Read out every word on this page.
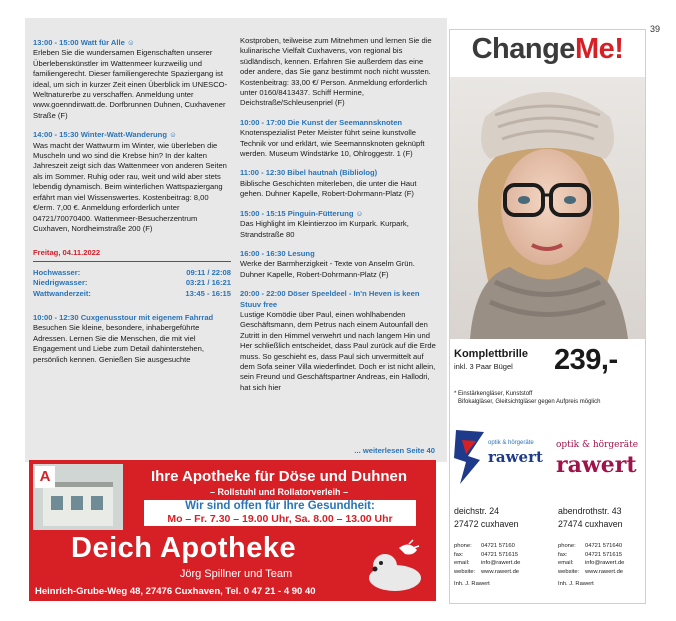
39
13:00 - 15:00 Watt für Alle ☺
Erleben Sie die wundersamen Eigenschaften unserer Überlebenskünstler im Wattenmeer kurzweilig und familiengerecht. Dieser familiengerechte Spaziergang ist ideal, um sich in kurzer Zeit einen Überblick im UNESCO-Weltnaturerbe zu verschaffen. Anmeldung unter www.goenndirwatt.de. Dorfbrunnen Duhnen, Cuxhavener Straße (F)
14:00 - 15:30 Winter-Watt-Wanderung ☺
Was macht der Wattwurm im Winter, wie überleben die Muscheln und wo sind die Krebse hin? In der kalten Jahreszeit zeigt sich das Wattenmeer von anderen Seiten als im Sommer. Ruhig oder rau, weit und wild aber stets lebendig dynamisch. Beim winterlichen Wattspaziergang erfährt man viel Wissenswertes. Kostenbeitrag: 8,00 €/erm. 7,00 €. Anmeldung erforderlich unter 04721/70070400. Wattenmeer-Besucherzentrum Cuxhaven, Nordheimstraße 200 (F)
Freitag, 04.11.2022
Hochwasser:	09:11 / 22:08
Niedrigwasser:	03:21 / 16:21
Wattwanderzeit:	13:45 - 16:15
10:00 - 12:30 Cuxgenusstour mit eigenem Fahrrad
Besuchen Sie kleine, besondere, inhabergeführte Adressen. Lernen Sie die Menschen, die mit viel Engagement und Liebe zum Detail dahinterstehen, persönlich kennen. Genießen Sie ausgesuchte
Kostproben, teilweise zum Mitnehmen und lernen Sie die kulinarische Vielfalt Cuxhavens, von regional bis südländisch, kennen. Erfahren Sie außerdem das eine oder andere, das Sie ganz bestimmt noch nicht wussten. Kostenbeitrag: 33,00 €/ Person. Anmeldung erforderlich unter 0160/8413437. Schiff Hermine, Deichstraße/Schleusenpriel (F)
10:00 - 17:00 Die Kunst der Seemannsknoten
Knotenspezialist Peter Meister führt seine kunstvolle Technik vor und erklärt, wie Seemannsknoten geknüpft werden. Museum Windstärke 10, Ohlroggestr. 1 (F)
11:00 - 12:30 Bibel hautnah (Bibliolog)
Biblische Geschichten miterleben, die unter die Haut gehen. Duhner Kapelle, Robert-Dohrmann-Platz (F)
15:00 - 15:15 Pinguin-Fütterung ☺
Das Highlight im Kleintierzoo im Kurpark. Kurpark, Strandstraße 80
16:00 - 16:30 Lesung
Werke der Barmherzigkeit - Texte von Anselm Grün. Duhner Kapelle, Robert-Dohrmann-Platz (F)
20:00 - 22:00 Döser Speeldeel - In'n Heven is keen Stuuv free
Lustige Komödie über Paul, einen wohlhabenden Geschäftsmann, dem Petrus nach einem Autounfall den Zutritt in den Himmel verwehrt und nach langem Hin und Her schließlich entscheidet, dass Paul zurück auf die Erde muss. So geschieht es, dass Paul sich unvermittelt auf dem Sofa seiner Villa wiederfindet. Doch er ist nicht allein, sein Freund und Geschäftspartner Andreas, ein Hallodri, hat sich hier
... weiterlesen Seite 40
A	Ihre Apotheke für Döse und Duhnen
– Rollstuhl und Rollatorverleih –
Wir sind offen für Ihre Gesundheit:
Mo – Fr. 7.30 – 19.00 Uhr, Sa. 8.00 – 13.00 Uhr
Deich Apotheke
Jörg Spillner und Team
Heinrich-Grube-Weg 48, 27476 Cuxhaven, Tel. 0 47 21 - 4 90 40
ChangeMe!
Komplettbrille
inkl. 3 Paar Bügel 239,-
* Einstärkengläser, Kunststoff
Bifokalgläser, Gleitsichtgläser gegen Aufpreis möglich
optik & hörgeräte
rawert
optik & hörgeräte
rawert
deichstr. 24
27472 cuxhaven
abendrothstr. 43
27474 cuxhaven
phone: 04721 57160
fax:	04721 571615
email: info@rawert.de
website: www.rawert.de
Inh. J. Rawert
phone: 04721 571640
fax:	04721 571615
email: info@rawert.de
website: www.rawert.de
Inh. J. Rawert
